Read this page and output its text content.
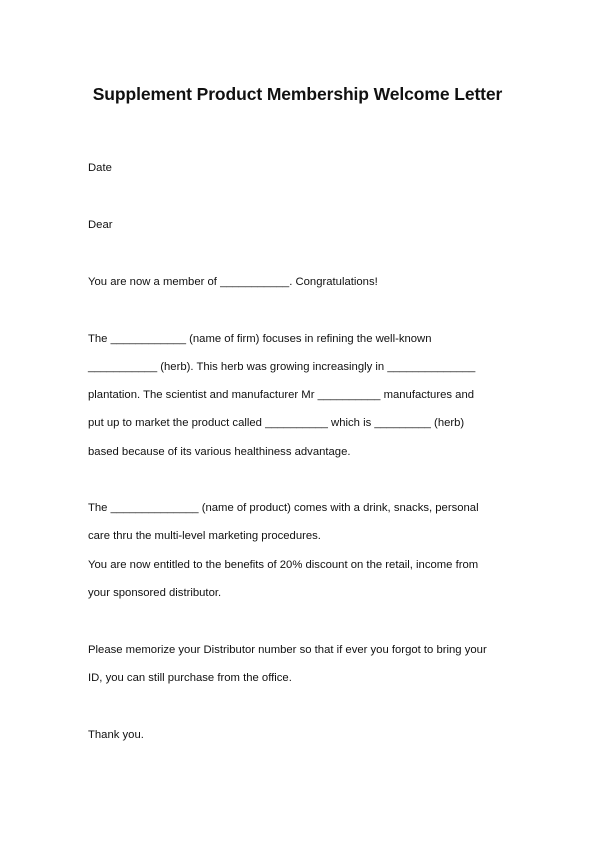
Supplement Product Membership Welcome Letter
Date
Dear
You are now a member of ___________. Congratulations!
The ____________ (name of firm) focuses in refining the well-known
___________ (herb). This herb was growing increasingly in ______________
plantation. The scientist and manufacturer Mr __________ manufactures and
put up to market the product called __________ which is _________ (herb)
based because of its various healthiness advantage.
The ______________ (name of product) comes with a drink, snacks, personal
care thru the multi-level marketing procedures.
You are now entitled to the benefits of 20% discount on the retail, income from
your sponsored distributor.
Please memorize your Distributor number so that if ever you forgot to bring your
ID, you can still purchase from the office.
Thank you.
